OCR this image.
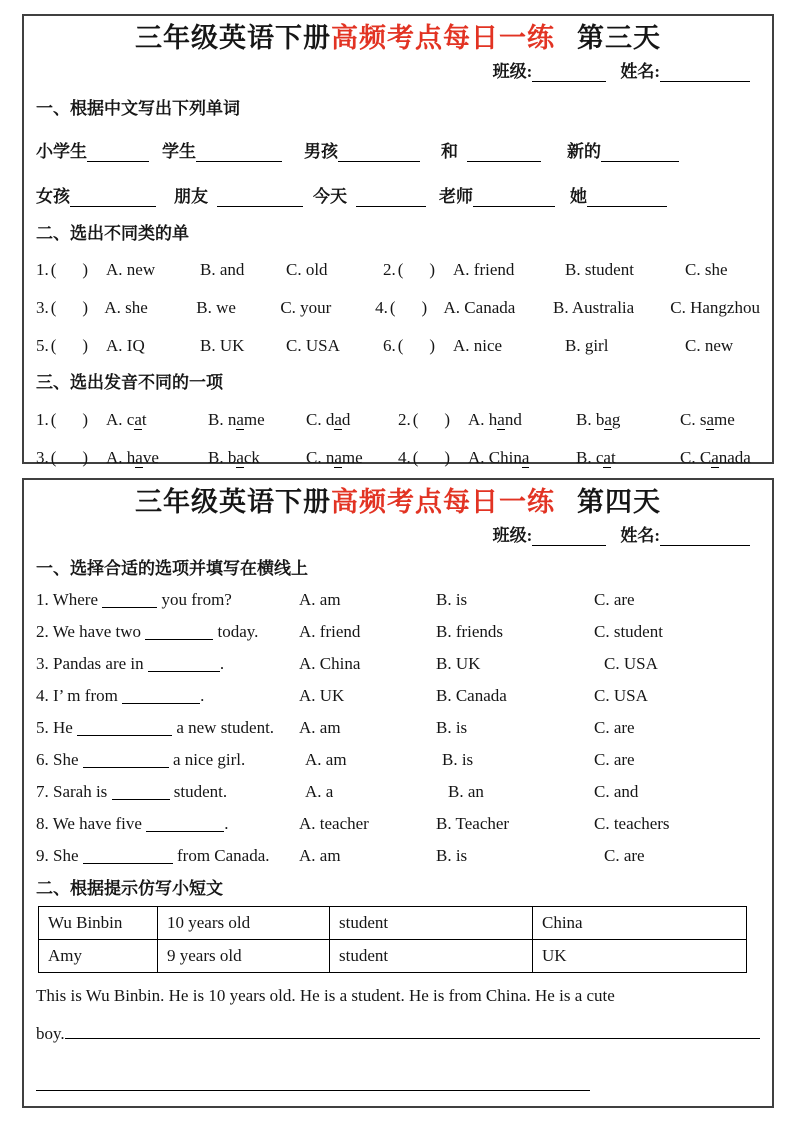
三年级英语下册高频考点每日一练 第三天
班级:	姓名:
一、根据中文写出下列单词
小学生	学生	男孩	和	新的
女孩	朋友	今天	老师	她
二、选出不同类的单
1. ( )	A. new	B. and	C. old	2. ( )	A. friend	B. student	C. she
3. ( ) A. she	B. we	C. your	4. ( ) A. Canada	B. Australia	C. Hangzhou
5. ( )	A. IQ	B. UK	C. USA	6. ( )	A. nice	B. girl	C. new
三、选出发音不同的一项
1. ( )	A. cat	B. name	C. dad	2. ( )	A. hand	B. bag	C. same
3. ( )	A. have	B. back	C. name	4. ( )	A. China	B. cat	C. Canada
三年级英语下册高频考点每日一练 第四天
班级:	姓名:
一、选择合适的选项并填写在横线上
1. Where	you from?	A. am	B. is	C. are
2. We have two	today.	A. friend	B. friends	C. student
3. Pandas are in	.	A. China	B. UK	C. USA
4. I’ m from	.	A. UK	B. Canada	C. USA
5. He	a new student.	A. am	B. is	C. are
6. She	a nice girl.	A. am	B. is	C. are
7. Sarah is	student.	A. a	B. an	C. and
8. We have five	.	A. teacher	B. Teacher	C. teachers
9. She	from Canada.	A. am	B. is	C. are
二、根据提示仿写小短文
Wu Binbin	10 years old	student	China
Amy	9 years old	student	UK
This is Wu Binbin. He is 10 years old. He is a student. He is from China. He is a cute
boy.
